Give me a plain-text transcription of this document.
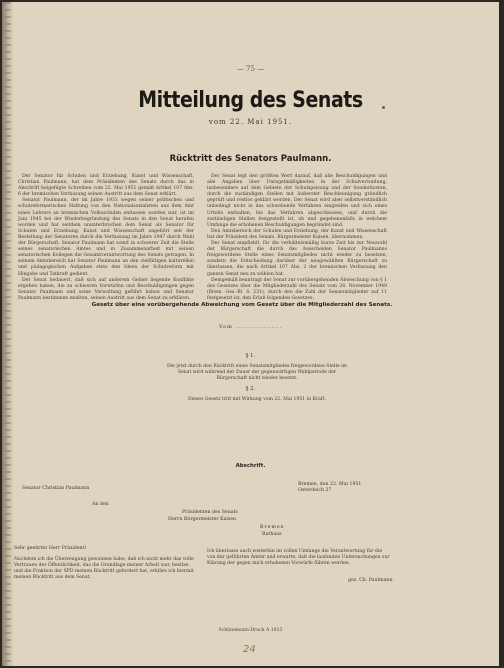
— 75 —
Mitteilung des Senats
vom 22. Mai 1951.
Rücktritt des Senators Paulmann.

Der Senator für Schulen und Erziehung, Kunst und Wissenschaft, Christian Paulmann, hat dem Präsidenten des Senats durch das in Abschrift beigefügte Schreiben vom 22. Mai 1951 gemäß Artikel 107 Abs. 6 der bremischen Verfassung seinen Austritt aus dem Senat erklärt.

Senator Paulmann, der im Jahre 1933 wegen seiner politischen und schulreformerischen Haltung von den Nationalsozialisten aus dem Amt eines Lehrers an bremischen Volksschulen entlassen worden war, ist im Juni 1945 bei der Wiederbegründung des Senats in den Senat berufen worden und hat seitdem ununterbrochen dem Senat als Senator für Schulen und Erziehung, Kunst und Wissenschaft angehört seit der Bestellung der Senatoren durch die Verfassung im Jahre 1947 durch Wahl der Bürgerschaft. Senator Paulmann hat somit in schwerer Zeit die Stelle seines senatorischen Amtes und in Zusammenarbeit mit seinen senatorischen Kollegen die Gesamtverantwortung des Senats getragen. In seinem Amtsbereich hat Senator Paulmann an den vielfältigen kulturellen und pädagogischen Aufgaben stets den Ideen der Schulreform mit Hingabe und Tatkraft gedient.

Der Senat bedauert, daß sich auf anderem Gebiet liegende Konflikte ergeben haben, die zu schweren Vorwürfen und Beschuldigungen gegen Senator Paulmann und seine Verwaltung geführt haben und Senator Paulmann bestimmen mußten, seinen Austritt aus dem Senat zu erklären.

Der Senat legt den größten Wert darauf, daß alle Beschuldigungen und alle Angaben über Unregelmäßigkeiten in der Schulverwaltung, insbesondere auf dem Gebiete der Schulspeisung und der Sonderkosten, durch die zuständigen Stellen mit äußerster Beschleunigung gründlich geprüft und restlos geklärt werden. Der Senat wird aber selbstverständlich unbedingt nicht in das schwebende Verfahren eingreifen und sich eines Urteils enthalten, bis das Verfahren abgeschlossen, und durch die zuständigen Stellen festgestellt ist, ob und gegebenenfalls in welchem Umfange die erhobenen Beschuldigungen begründet sind.

Den Amtsbereich der Schulen und Erziehung, der Kunst und Wissenschaft hat der Präsident des Senats, Bürgermeister Kaisen, übernommen.

Der Senat empfiehlt, für die verhältnismäßig kurze Zeit bis zur Neuwahl der Bürgerschaft die durch das Ausscheiden Senator Paulmanns freigewordene Stelle eines Senatsmitgliedes nicht wieder zu besetzen, sondern die Entscheidung darüber der neugewählten Bürgerschaft zu überlassen, die nach Artikel 107 Abs. 2 der bremischen Verfassung den ganzen Senat neu zu wählen hat.

Demgemäß beantragt der Senat zur vorübergehenden Abweichung von § 1 des Gesetzes über die Mitgliederzahl des Senats vom 28. November 1949 (Brem. Ges.-Bl. S. 231), durch den die Zahl der Senatsmitglieder auf 11 festgesetzt ist, den Erlaß folgenden Gesetzes:

Gesetz über eine vorübergehende Abweichung vom Gesetz über die Mitgliederzahl des Senats.
Vom ..................
§ 1.
Die jetzt durch den Rücktritt eines Senatsmitgliedes freigewordene Stelle im Senat wird während der Dauer der gegenwärtigen Wahlperiode der Bürgerschaft nicht wieder besetzt.
§ 2.
Dieses Gesetz tritt mit Wirkung vom 22. Mai 1951 in Kraft.
Abschrift.
Senator Christian Paulmann
Bremen, den 22. Mai 1951
Osterdeich 27
An den
Präsidenten des Senats
Herrn Bürgermeister Kaisen
Bremen
Rathaus
Sehr geehrter Herr Präsident!
Nachdem ich die Überzeugung gewonnen habe, daß ich nicht mehr das volle Vertrauen der Öffentlichkeit, das die Grundlage meiner Arbeit war, besitze, und die Fraktion der SPD meinen Rücktritt gefordert hat, erkläre ich hiermit meinen Rücktritt aus dem Senat.
Ich überlasse auch weiterhin im vollen Umfange die Verantwortung für die von mir geführten Ämter und erwarte, daß die laufenden Untersuchungen zur Klärung der gegen mich erhobenen Vorwürfe führen werden.
gez. Ch. Paulmann.
Schünemann-Druck A 1813
24
